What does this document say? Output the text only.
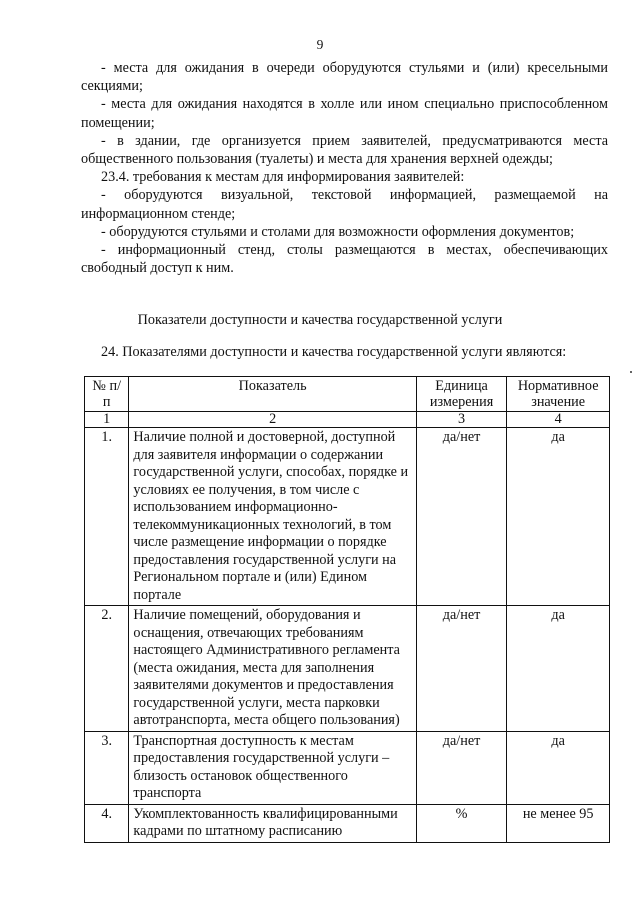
9

- места для ожидания в очереди оборудуются стульями и (или) кресельными секциями;

- места для ожидания находятся в холле или ином специально приспособленном помещении;

- в здании, где организуется прием заявителей, предусматриваются места общественного пользования (туалеты) и места для хранения верхней одежды;

23.4. требования к местам для информирования заявителей:

- оборудуются визуальной, текстовой информацией, размещаемой на информационном стенде;

- оборудуются стульями и столами для возможности оформления документов;

- информационный стенд, столы размещаются в местах, обеспечивающих свободный доступ к ним.

Показатели доступности и качества государственной услуги
24. Показателями доступности и качества государственной услуги являются:
№ п/п	Показатель	Единица измерения	Нормативное значение
1	2	3	4
1.	Наличие полной и достоверной, доступной для заявителя информации о содержании государственной услуги, способах, порядке и условиях ее получения, в том числе с использованием информационно-телекоммуникационных технологий, в том числе размещение информации о порядке предоставления государственной услуги на Региональном портале и (или) Едином портале	да/нет	да
2.	Наличие помещений, оборудования и оснащения, отвечающих требованиям настоящего Административного регламента (места ожидания, места для заполнения заявителями документов и предоставления государственной услуги, места парковки автотранспорта, места общего пользования)	да/нет	да
3.	Транспортная доступность к местам предоставления государственной услуги – близость остановок общественного транспорта	да/нет	да
4.	Укомплектованность квалифицированными кадрами по штатному расписанию	%	не менее 95
